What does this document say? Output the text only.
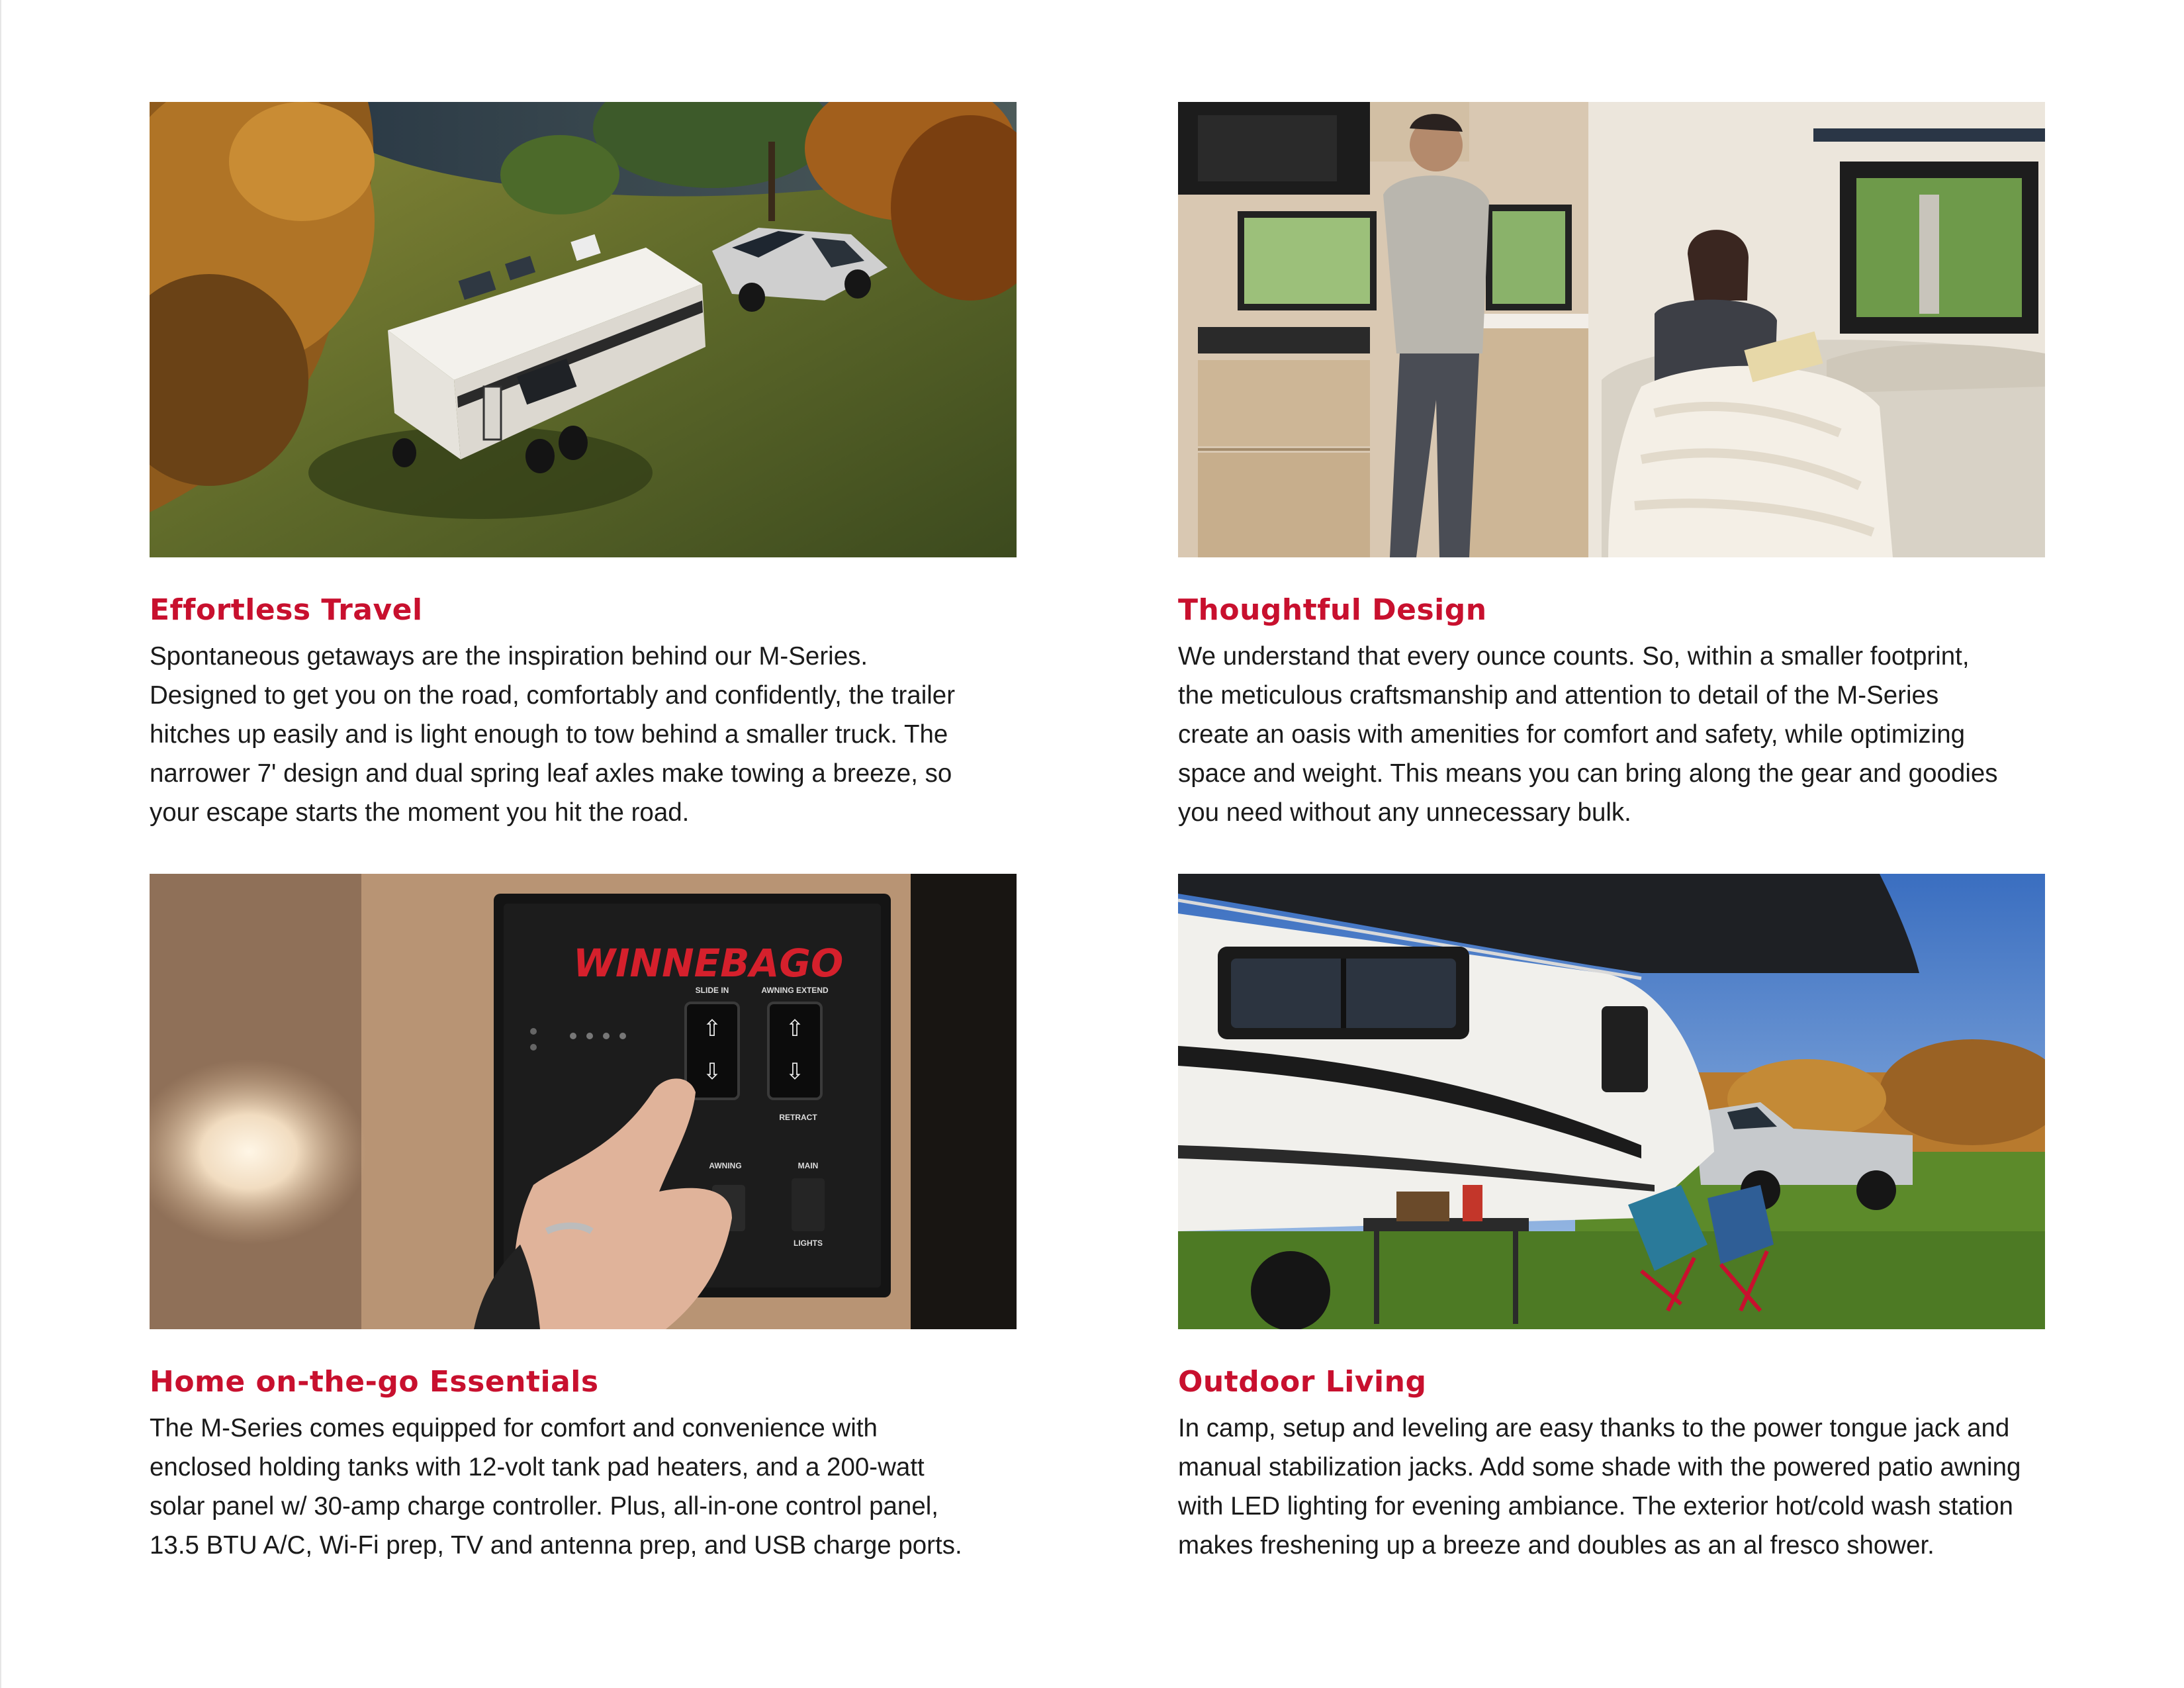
Effortless Travel
Spontaneous getaways are the inspiration behind our M-Series.
Designed to get you on the road, comfortably and confidently, the trailer
hitches up easily and is light enough to tow behind a smaller truck. The
narrower 7' design and dual spring leaf axles make towing a breeze, so
your escape starts the moment you hit the road.
Thoughtful Design
We understand that every ounce counts. So, within a smaller footprint,
the meticulous craftsmanship and attention to detail of the M-Series
create an oasis with amenities for comfort and safety, while optimizing
space and weight. This means you can bring along the gear and goodies
you need without any unnecessary bulk.
WINNEBAGO
⇧	⇧
⇩	⇩
SLIDE IN	AWNING EXTEND
RETRACT
AWNING	MAIN
LIGHTS
Home on-the-go Essentials
The M-Series comes equipped for comfort and convenience with
enclosed holding tanks with 12-volt tank pad heaters, and a 200-watt
solar panel w/ 30-amp charge controller. Plus, all-in-one control panel,
13.5 BTU A/C, Wi-Fi prep, TV and antenna prep, and USB charge ports.
Outdoor Living
In camp, setup and leveling are easy thanks to the power tongue jack and
manual stabilization jacks. Add some shade with the powered patio awning
with LED lighting for evening ambiance. The exterior hot/cold wash station
makes freshening up a breeze and doubles as an al fresco shower.
